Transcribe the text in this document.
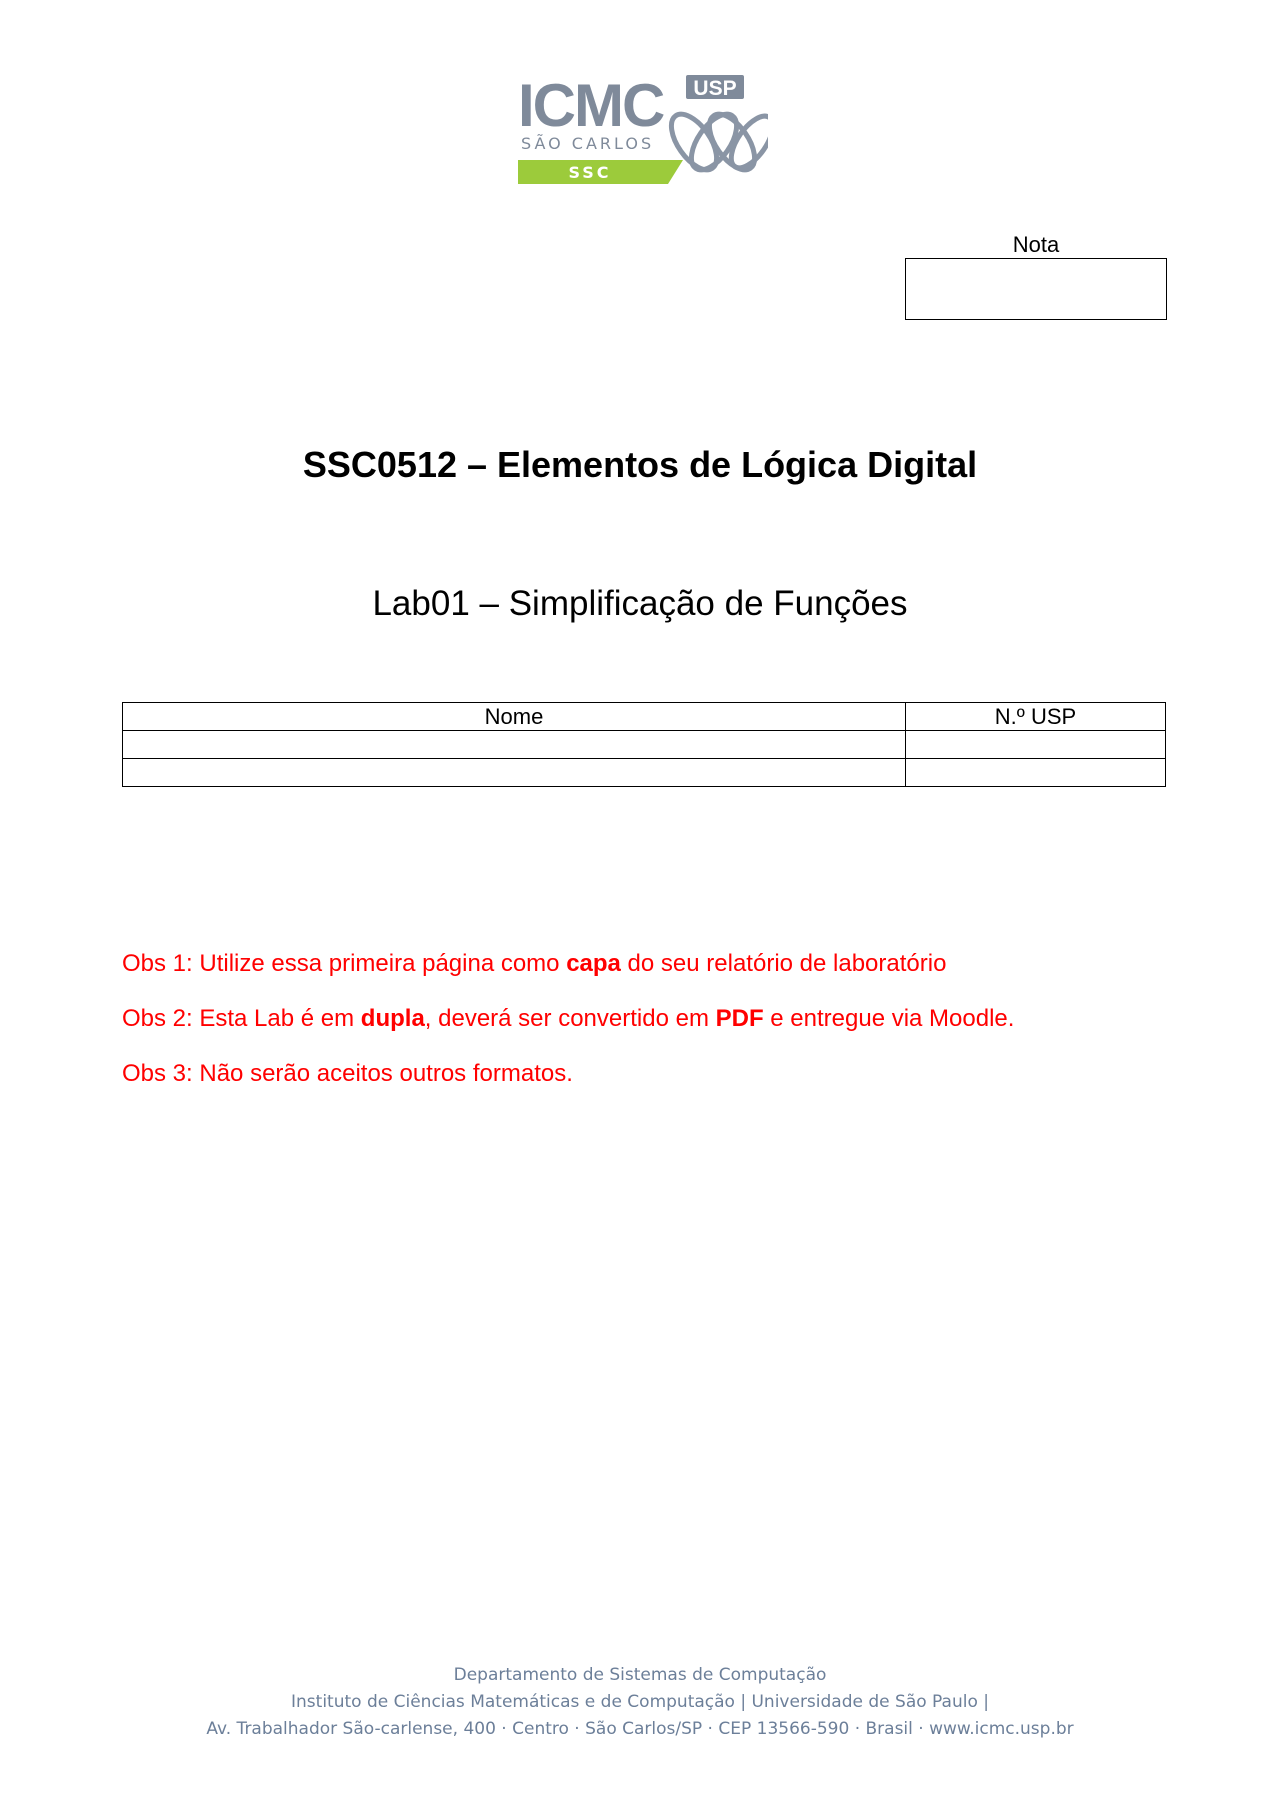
ICMC USP
SÃO CARLOS
SSC
Nota
SSC0512 – Elementos de Lógica Digital
Lab01 – Simplificação de Funções
Nome	N.º USP

Obs 1: Utilize essa primeira página como capa do seu relatório de laboratório
Obs 2: Esta Lab é em dupla, deverá ser convertido em PDF e entregue via Moodle.
Obs 3: Não serão aceitos outros formatos.
Departamento de Sistemas de Computação
Instituto de Ciências Matemáticas e de Computação | Universidade de São Paulo |
Av. Trabalhador São-carlense, 400 · Centro · São Carlos/SP · CEP 13566-590 · Brasil · www.icmc.usp.br
